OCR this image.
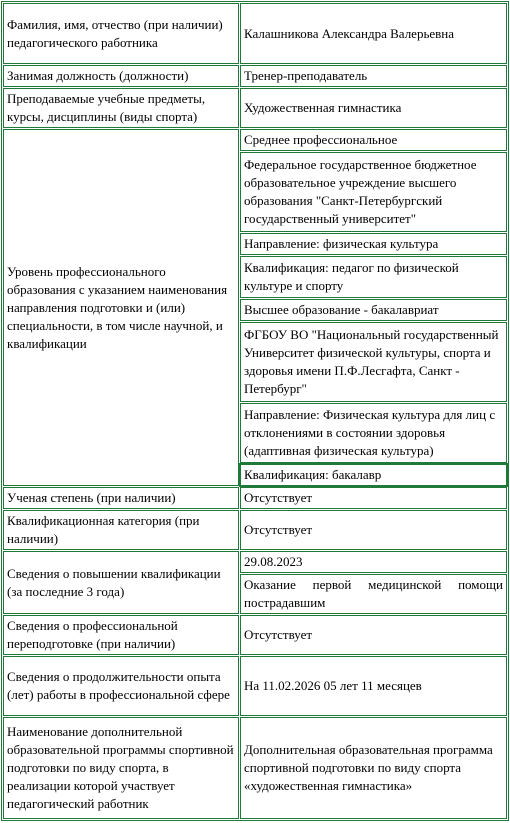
Фамилия, имя, отчество (при наличии) педагогического работника	Калашникова Александра Валерьевна
Занимая должность (должности)	Тренер-преподаватель
Преподаваемые учебные предметы, курсы, дисциплины (виды спорта)	Художественная гимнастика
Уровень профессионального образования с указанием наименования направления подготовки и (или) специальности, в том числе научной, и квалификации	Среднее профессиональное
	Федеральное государственное бюджетное образовательное учреждение высшего образования "Санкт-Петербургский государственный университет"
	Направление: физическая культура
	Квалификация: педагог по физической культуре и спорту
	Высшее образование - бакалавриат
	ФГБОУ ВО "Национальный государственный Университет физической культуры, спорта и здоровья имени П.Ф.Лесгафта, Санкт - Петербург"
	Направление: Физическая культура для лиц с отклонениями в состоянии здоровья (адаптивная физическая культура)
	Квалификация: бакалавр
Ученая степень (при наличии)	Отсутствует
Квалификационная категория (при наличии)	Отсутствует
Сведения о повышении квалификации (за последние 3 года)	29.08.2023
	Оказание первой медицинской помощи пострадавшим
Сведения о профессиональной переподготовке (при наличии)	Отсутствует
Сведения о продолжительности опыта (лет) работы в профессиональной сфере	На 11.02.2026 05 лет 11 месяцев
Наименование дополнительной образовательной программы спортивной подготовки по виду спорта, в реализации которой участвует педагогический работник	Дополнительная образовательная программа спортивной подготовки по виду спорта «художественная гимнастика»
